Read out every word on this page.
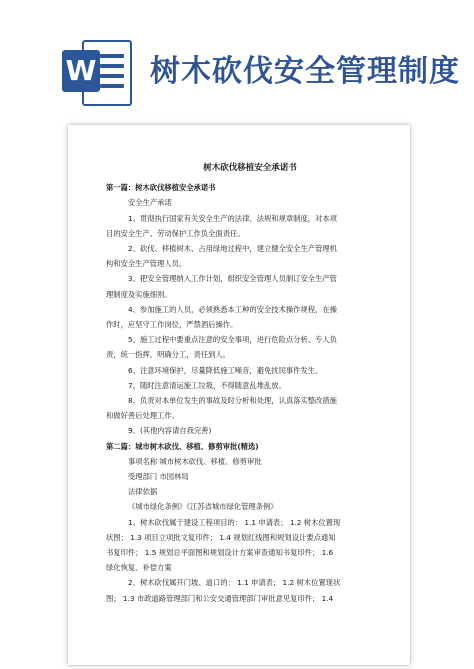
W 树木砍伐安全管理制度
树木砍伐移植安全承诺书

第一篇：树木砍伐移植安全承诺书

安全生产承诺

1、贯彻执行国家有关安全生产的法律、法规和规章制度，对本项

目的安全生产、劳动保护工作负全面责任。

2、砍伐、移植树木、占用绿地过程中，建立健全安全生产管理机

构和安全生产管理人员。

3、把安全管理纳入工作计划，组织安全管理人员制订安全生产管

理制度及实施细则。

4、参加施工的人员，必须熟悉本工种的安全技术操作规程，在操

作时，应坚守工作岗位，严禁酒后操作。

5、施工过程中要重点注意的安全事项，进行危险点分析、专人负

责，统一指挥，明确分工，责任到人。

6、注意环境保护，尽量降低施工噪音，避免扰民事件发生。

7、随时注意清运施工垃圾，不得随意乱堆乱放。

8、负责对本单位发生的事故及时分析和处理，认真落实整改措施

和做好善后处理工作。

9、(其他内容请自我完善)

第二篇：城市树木砍伐、移植、修剪审批(精选)

事项名称 城市树木砍伐、移植、修剪审批

受理部门 市园林局

法律依据

《城市绿化条例》《江苏省城市绿化管理条例》

1、树木砍伐属于建设工程项目的： 1.1 申请表； 1.2 树木位置现

状图； 1.3 项目立项批文复印件； 1.4 规划红线图和规划设计要点通知

书复印件； 1.5 规划总平面图和规划设计方案审查通知书复印件； 1.6

绿化恢复、补偿方案

2、树木砍伐属开门坡、道口的： 1.1 申请表； 1.2 树木位置现状

图； 1.3 市政道路管理部门和公安交通管理部门审批意见复印件； 1.4
